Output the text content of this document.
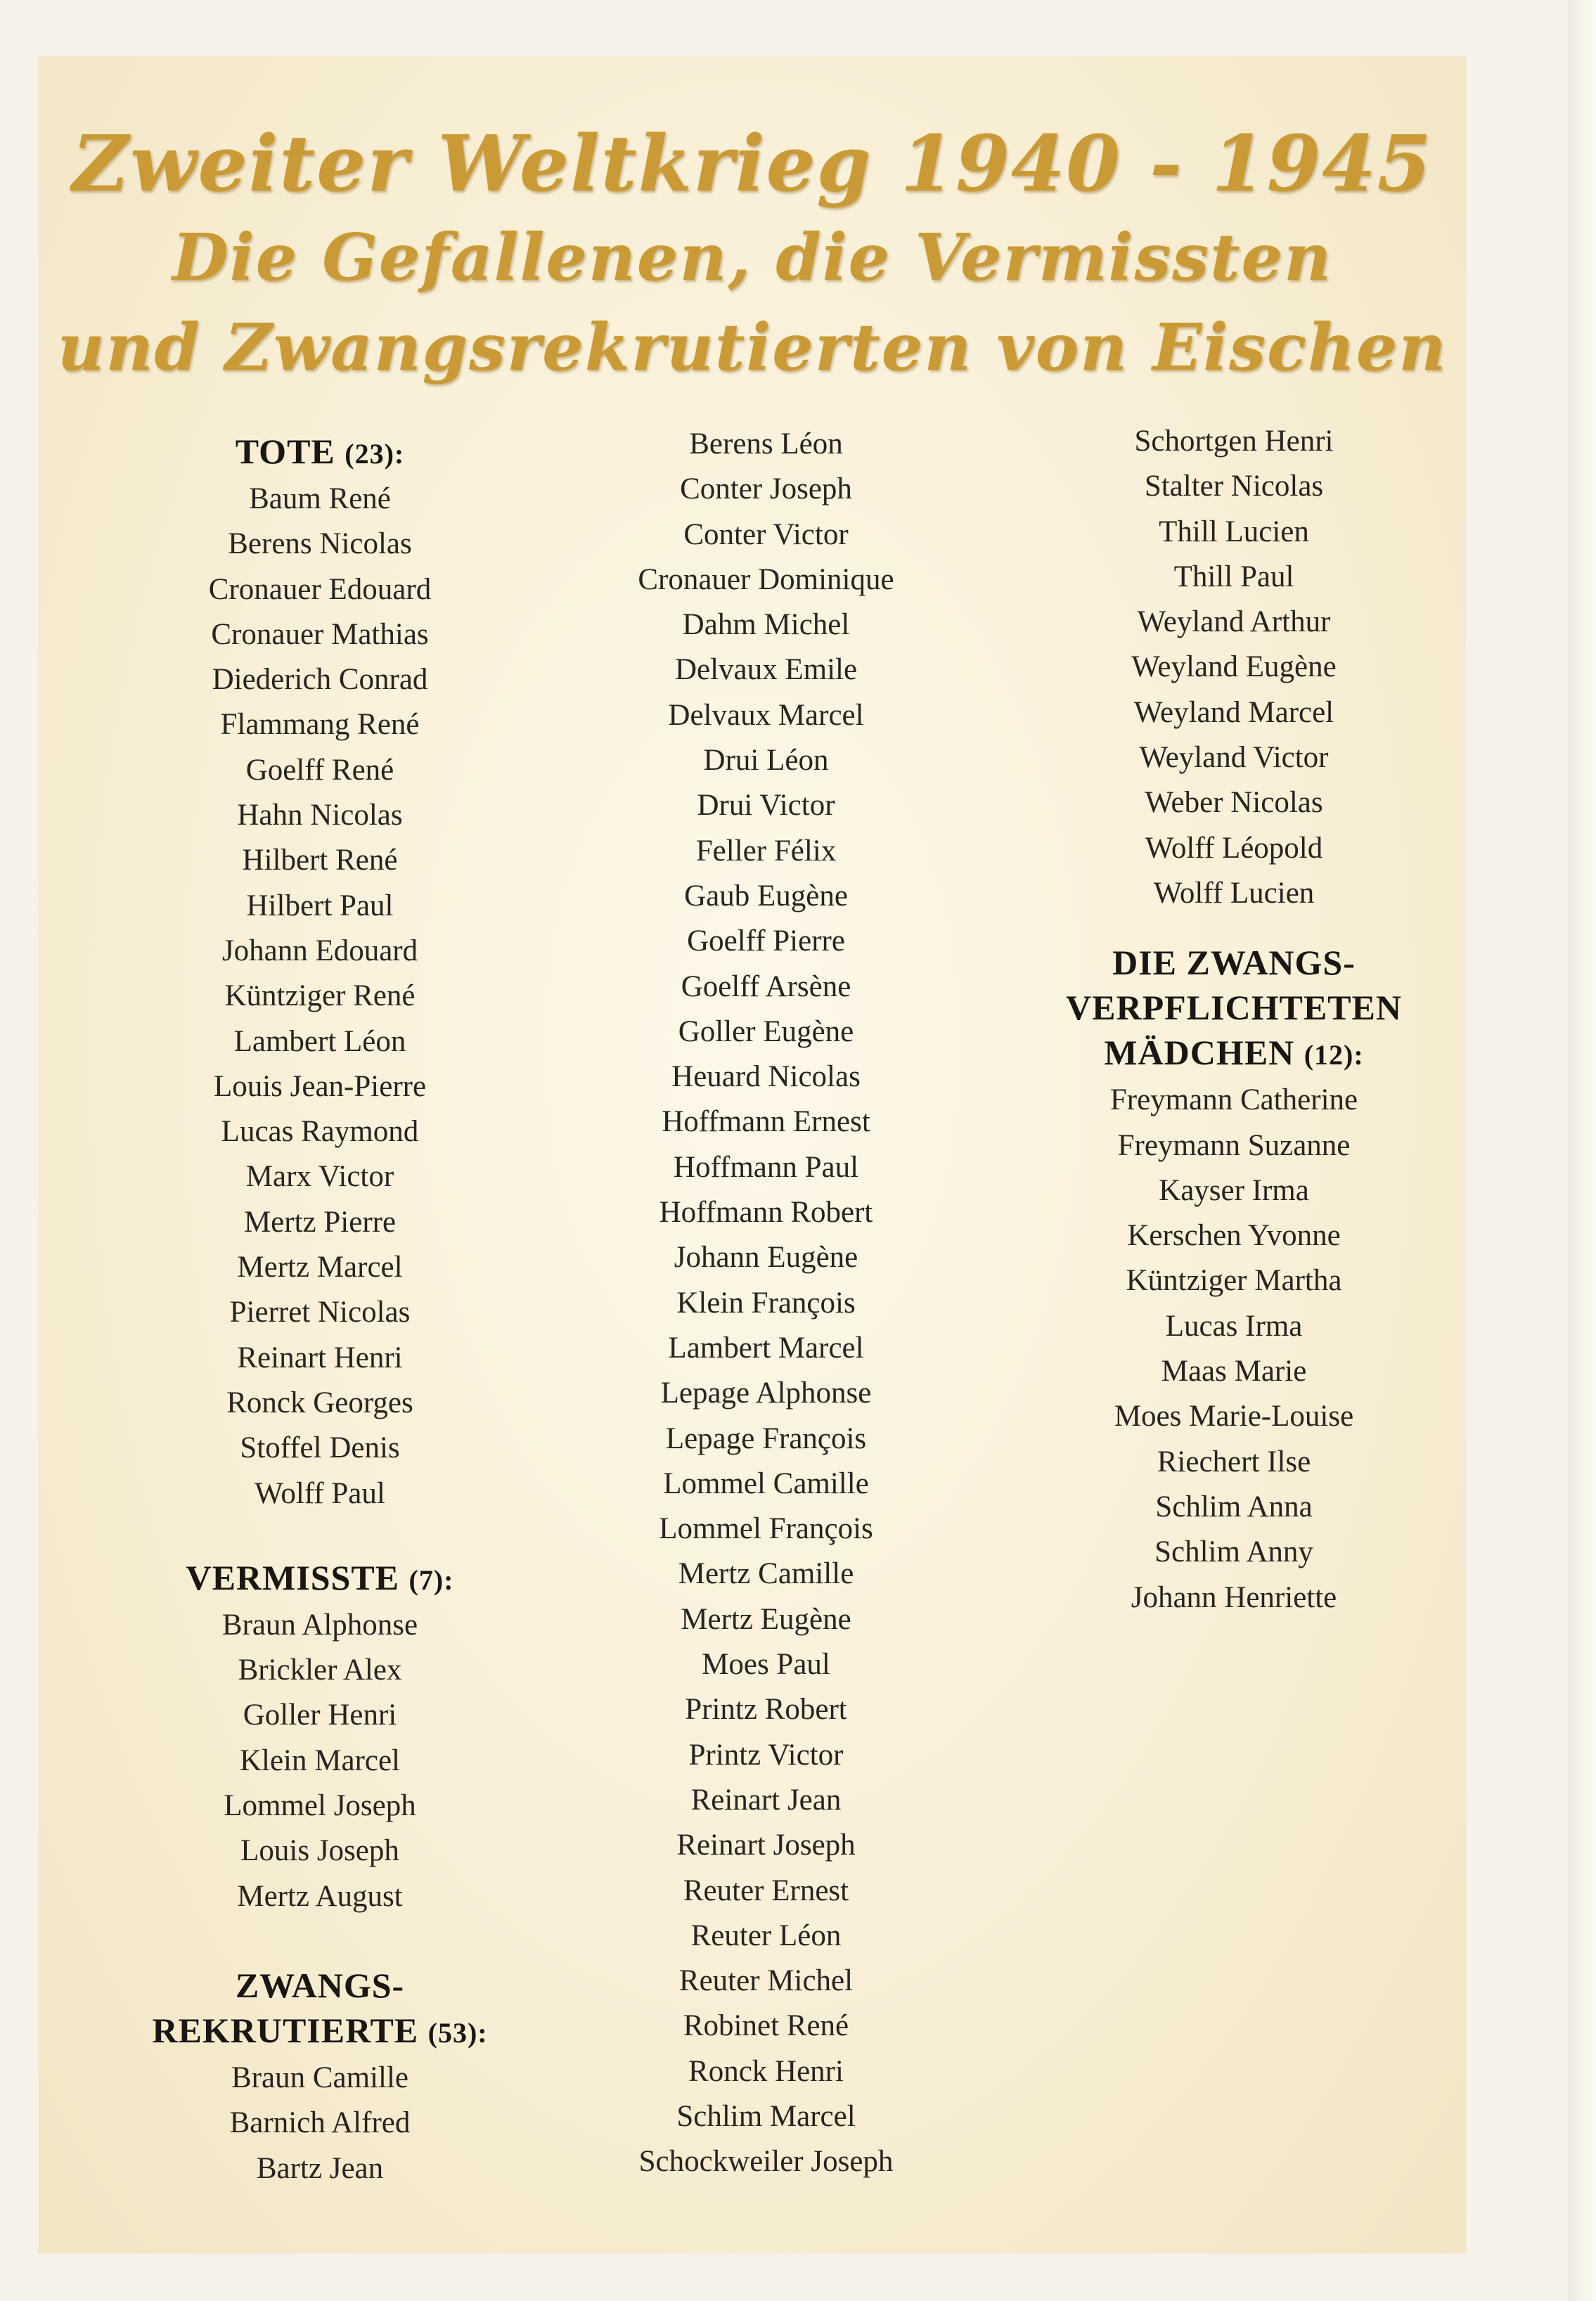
Zweiter Weltkrieg 1940 - 1945

Die Gefallenen, die Vermissten

und Zwangsrekrutierten von Eischen

TOTE (23):
Baum René
Berens Nicolas
Cronauer Edouard
Cronauer Mathias
Diederich Conrad
Flammang René
Goelff René
Hahn Nicolas
Hilbert René
Hilbert Paul
Johann Edouard
Küntziger René
Lambert Léon
Louis Jean-Pierre
Lucas Raymond
Marx Victor
Mertz Pierre
Mertz Marcel
Pierret Nicolas
Reinart Henri
Ronck Georges
Stoffel Denis
Wolff Paul
VERMISSTE (7):
Braun Alphonse
Brickler Alex
Goller Henri
Klein Marcel
Lommel Joseph
Louis Joseph
Mertz August
ZWANGS-
REKRUTIERTE (53):
Braun Camille
Barnich Alfred
Bartz Jean
Berens Léon
Conter Joseph
Conter Victor
Cronauer Dominique
Dahm Michel
Delvaux Emile
Delvaux Marcel
Drui Léon
Drui Victor
Feller Félix
Gaub Eugène
Goelff Pierre
Goelff Arsène
Goller Eugène
Heuard Nicolas
Hoffmann Ernest
Hoffmann Paul
Hoffmann Robert
Johann Eugène
Klein François
Lambert Marcel
Lepage Alphonse
Lepage François
Lommel Camille
Lommel François
Mertz Camille
Mertz Eugène
Moes Paul
Printz Robert
Printz Victor
Reinart Jean
Reinart Joseph
Reuter Ernest
Reuter Léon
Reuter Michel
Robinet René
Ronck Henri
Schlim Marcel
Schockweiler Joseph
Schortgen Henri
Stalter Nicolas
Thill Lucien
Thill Paul
Weyland Arthur
Weyland Eugène
Weyland Marcel
Weyland Victor
Weber Nicolas
Wolff Léopold
Wolff Lucien
DIE ZWANGS-
VERPFLICHTETEN
MÄDCHEN (12):
Freymann Catherine
Freymann Suzanne
Kayser Irma
Kerschen Yvonne
Küntziger Martha
Lucas Irma
Maas Marie
Moes Marie-Louise
Riechert Ilse
Schlim Anna
Schlim Anny
Johann Henriette
